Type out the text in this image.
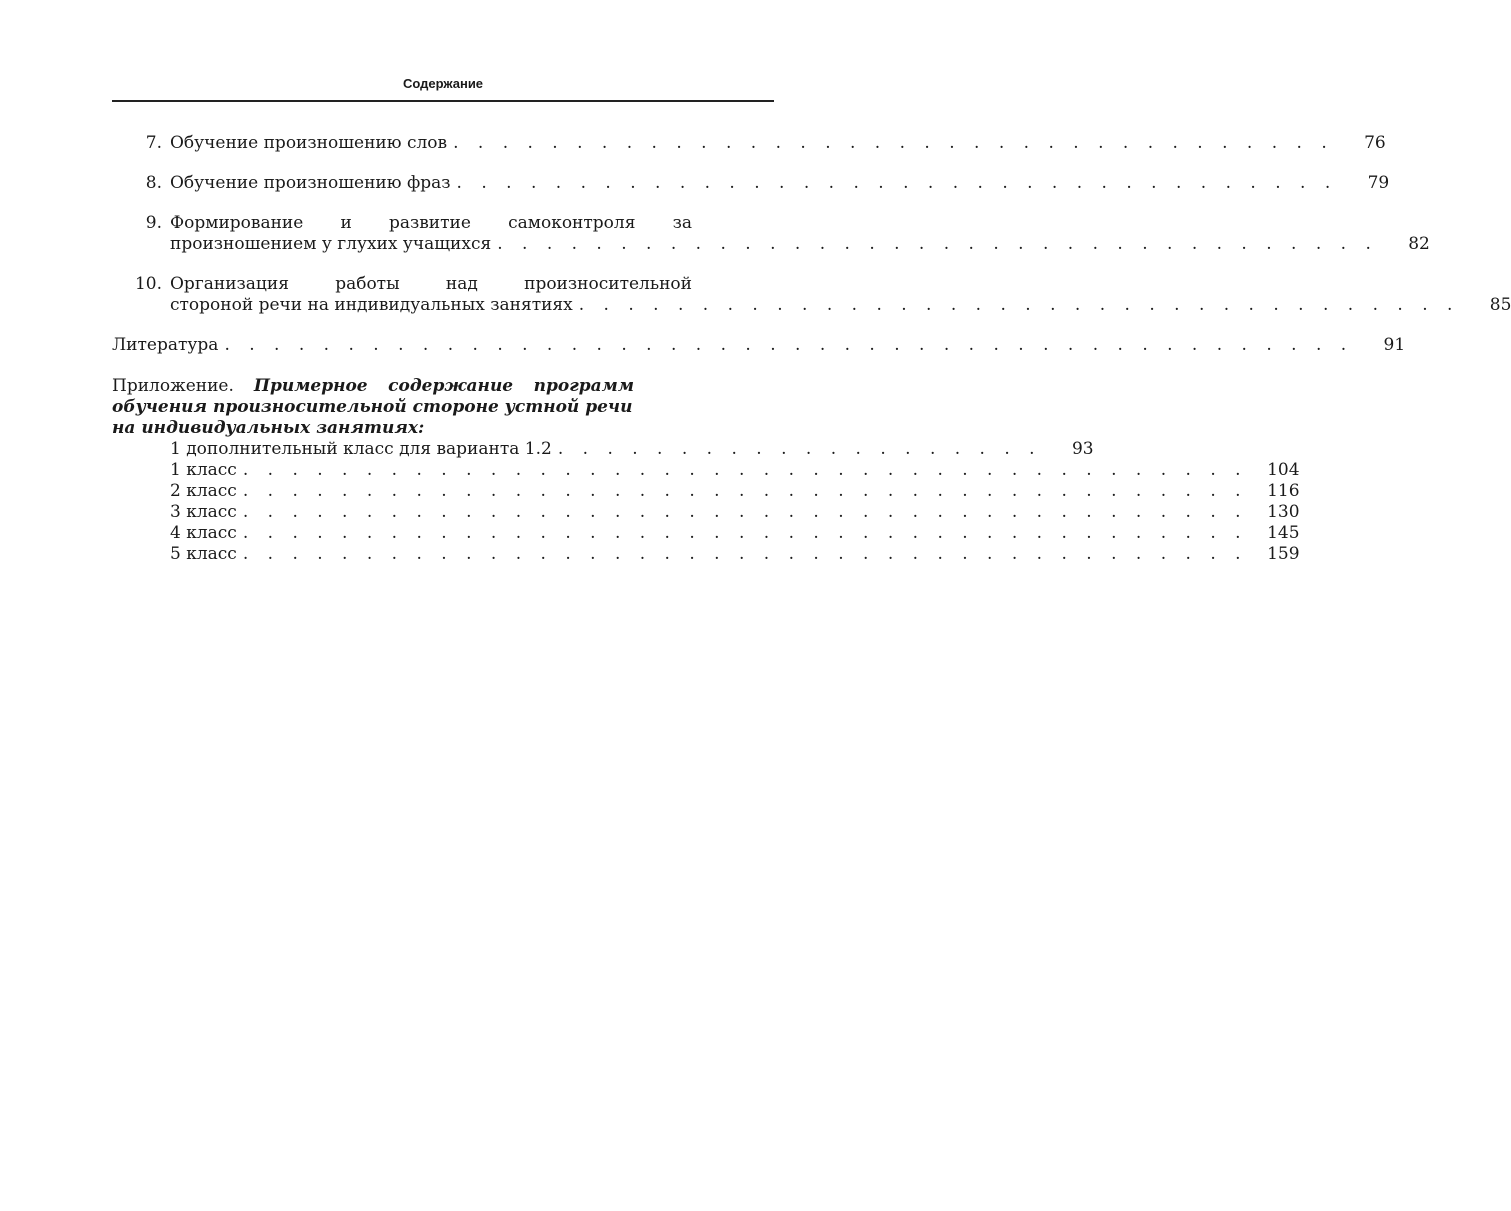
Содержание
7. Обучение произношению слов . . . . . . . . . . . . . . . . . . . . . . . . . . . . . . . . . . . .	76
8. Обучение произношению фраз . . . . . . . . . . . . . . . . . . . . . . . . . . . . . . . . . . . .	79
9. Формирование и развитие самоконтроля за
произношением у глухих учащихся . . . . . . . . . . . . . . . . . . . . . . . . . . . . . . . . . . . .	82
10. Организация работы над произносительной
стороной речи на индивидуальных занятиях . . . . . . . . . . . . . . . . . . . . . . . . . . . . . . . . . . . .	85
Литература . . . . . . . . . . . . . . . . . . . . . . . . . . . . . . . . . . . . . . . . . . . . . .	91
Приложение. Примерное содержание программ
обучения произносительной стороне устной речи
на индивидуальных занятиях:
1 дополнительный класс для варианта 1.2 . . . . . . . . . . . . . . . . . . . .	93
1 класс . . . . . . . . . . . . . . . . . . . . . . . . . . . . . . . . . . . . . . . . .	104
2 класс . . . . . . . . . . . . . . . . . . . . . . . . . . . . . . . . . . . . . . . . .	116
3 класс . . . . . . . . . . . . . . . . . . . . . . . . . . . . . . . . . . . . . . . . .	130
4 класс . . . . . . . . . . . . . . . . . . . . . . . . . . . . . . . . . . . . . . . . .	145
5 класс . . . . . . . . . . . . . . . . . . . . . . . . . . . . . . . . . . . . . . . . .	159
